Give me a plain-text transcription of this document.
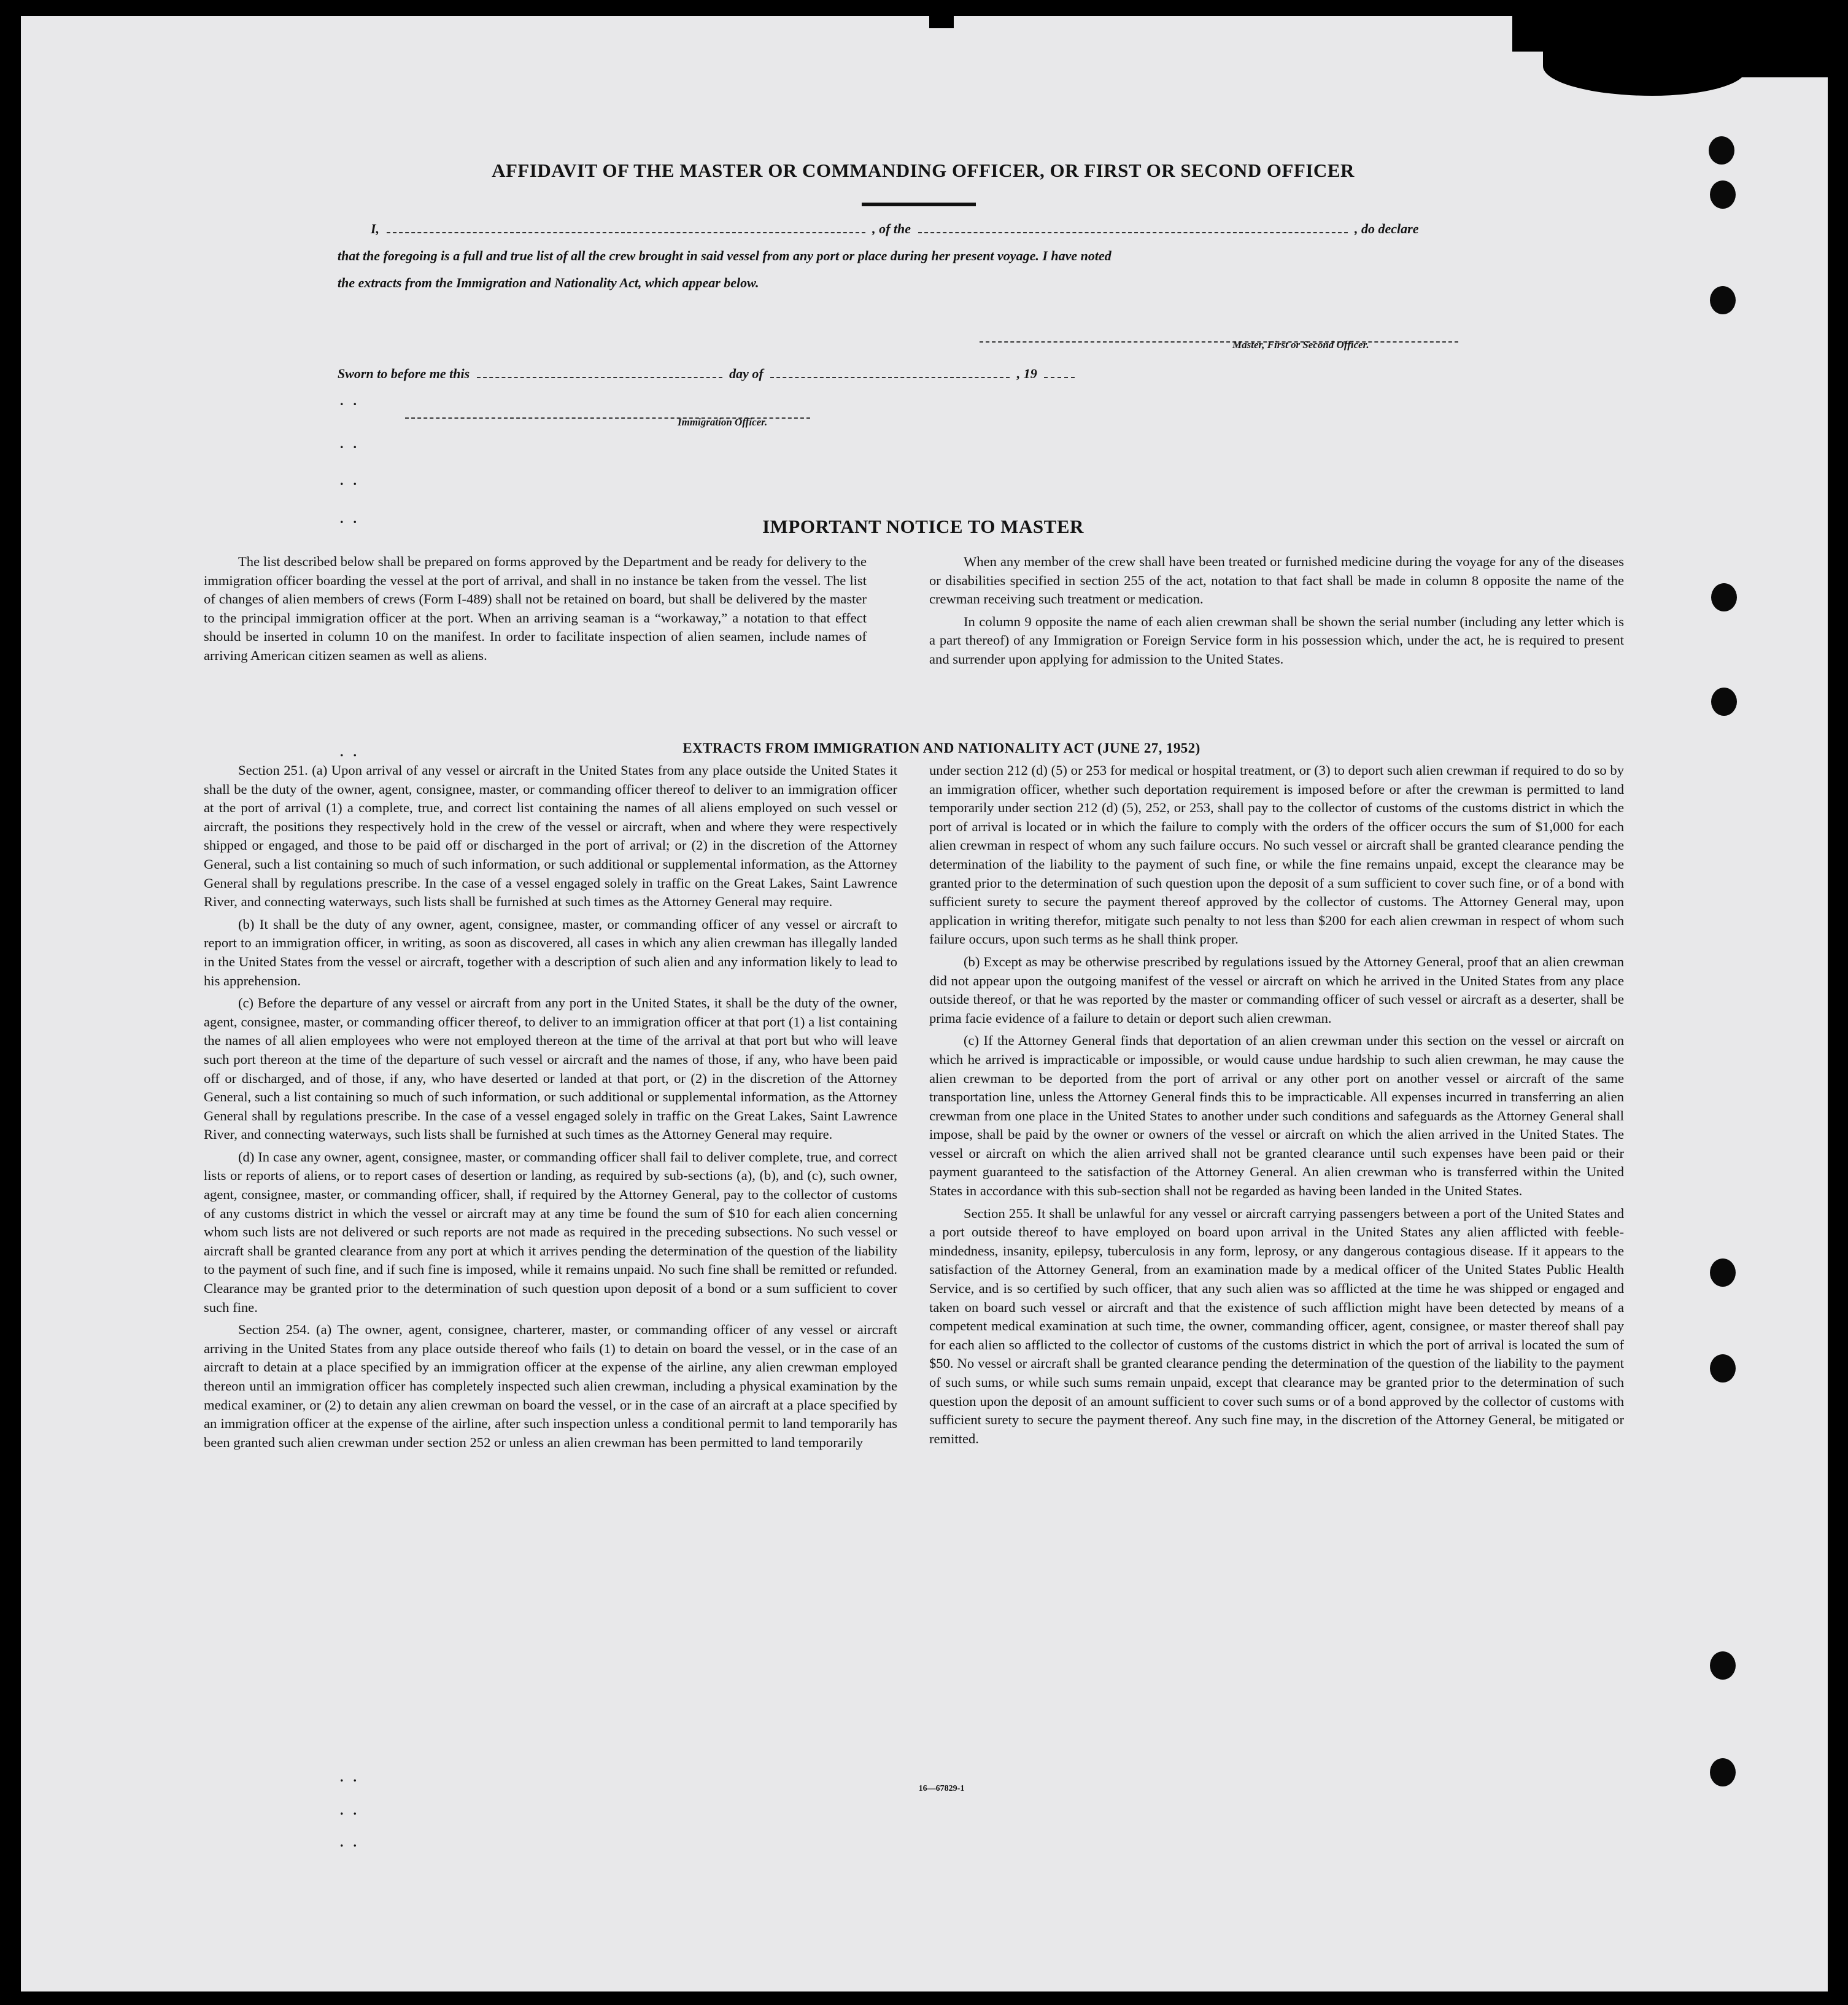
AFFIDAVIT OF THE MASTER OR COMMANDING OFFICER, OR FIRST OR SECOND OFFICER
I,	, of the	, do declare
that the foregoing is a full and true list of all the crew brought in said vessel from any port or place during her present voyage. I have noted
the extracts from the Immigration and Nationality Act, which appear below.
Master, First or Second Officer.
Sworn to before me this	day of	, 19
Immigration Officer.
..
..
..
..
..
..
..
..
IMPORTANT NOTICE TO MASTER

The list described below shall be prepared on forms approved by the Department and be ready for delivery to the immigration officer boarding the vessel at the port of arrival, and shall in no instance be taken from the vessel. The list of changes of alien members of crews (Form I-489) shall not be retained on board, but shall be delivered by the master to the principal immigration officer at the port. When an arriving seaman is a “workaway,” a notation to that effect should be inserted in column 10 on the manifest. In order to facilitate inspection of alien seamen, include names of arriving American citizen seamen as well as aliens.

When any member of the crew shall have been treated or furnished medicine during the voyage for any of the diseases or disabilities specified in section 255 of the act, notation to that fact shall be made in column 8 opposite the name of the crewman receiving such treatment or medication.

In column 9 opposite the name of each alien crewman shall be shown the serial number (including any letter which is a part thereof) of any Immigration or Foreign Service form in his possession which, under the act, he is required to present and surrender upon applying for admission to the United States.

EXTRACTS FROM IMMIGRATION AND NATIONALITY ACT (JUNE 27, 1952)

Section 251. (a) Upon arrival of any vessel or aircraft in the United States from any place outside the United States it shall be the duty of the owner, agent, consignee, master, or commanding officer thereof to deliver to an immigration officer at the port of arrival (1) a complete, true, and correct list containing the names of all aliens employed on such vessel or aircraft, the positions they respectively hold in the crew of the vessel or aircraft, when and where they were respectively shipped or engaged, and those to be paid off or discharged in the port of arrival; or (2) in the discretion of the Attorney General, such a list containing so much of such information, or such additional or supplemental information, as the Attorney General shall by regulations prescribe. In the case of a vessel engaged solely in traffic on the Great Lakes, Saint Lawrence River, and connecting waterways, such lists shall be furnished at such times as the Attorney General may require.

(b) It shall be the duty of any owner, agent, consignee, master, or commanding officer of any vessel or aircraft to report to an immigration officer, in writing, as soon as discovered, all cases in which any alien crewman has illegally landed in the United States from the vessel or aircraft, together with a description of such alien and any information likely to lead to his apprehension.

(c) Before the departure of any vessel or aircraft from any port in the United States, it shall be the duty of the owner, agent, consignee, master, or commanding officer thereof, to deliver to an immigration officer at that port (1) a list containing the names of all alien employees who were not employed thereon at the time of the arrival at that port but who will leave such port thereon at the time of the departure of such vessel or aircraft and the names of those, if any, who have been paid off or discharged, and of those, if any, who have deserted or landed at that port, or (2) in the discretion of the Attorney General, such a list containing so much of such information, or such additional or supplemental information, as the Attorney General shall by regulations prescribe. In the case of a vessel engaged solely in traffic on the Great Lakes, Saint Lawrence River, and connecting waterways, such lists shall be furnished at such times as the Attorney General may require.

(d) In case any owner, agent, consignee, master, or commanding officer shall fail to deliver complete, true, and correct lists or reports of aliens, or to report cases of desertion or landing, as required by sub-sections (a), (b), and (c), such owner, agent, consignee, master, or commanding officer, shall, if required by the Attorney General, pay to the collector of customs of any customs district in which the vessel or aircraft may at any time be found the sum of $10 for each alien concerning whom such lists are not delivered or such reports are not made as required in the preceding subsections. No such vessel or aircraft shall be granted clearance from any port at which it arrives pending the determination of the question of the liability to the payment of such fine, and if such fine is imposed, while it remains unpaid. No such fine shall be remitted or refunded. Clearance may be granted prior to the determination of such question upon deposit of a bond or a sum sufficient to cover such fine.

Section 254. (a) The owner, agent, consignee, charterer, master, or commanding officer of any vessel or aircraft arriving in the United States from any place outside thereof who fails (1) to detain on board the vessel, or in the case of an aircraft to detain at a place specified by an immigration officer at the expense of the airline, any alien crewman employed thereon until an immigration officer has completely inspected such alien crewman, including a physical examination by the medical examiner, or (2) to detain any alien crewman on board the vessel, or in the case of an aircraft at a place specified by an immigration officer at the expense of the airline, after such inspection unless a conditional permit to land temporarily has been granted such alien crewman under section 252 or unless an alien crewman has been permitted to land temporarily

under section 212 (d) (5) or 253 for medical or hospital treatment, or (3) to deport such alien crewman if required to do so by an immigration officer, whether such deportation requirement is imposed before or after the crewman is permitted to land temporarily under section 212 (d) (5), 252, or 253, shall pay to the collector of customs of the customs district in which the port of arrival is located or in which the failure to comply with the orders of the officer occurs the sum of $1,000 for each alien crewman in respect of whom any such failure occurs. No such vessel or aircraft shall be granted clearance pending the determination of the liability to the payment of such fine, or while the fine remains unpaid, except the clearance may be granted prior to the determination of such question upon the deposit of a sum sufficient to cover such fine, or of a bond with sufficient surety to secure the payment thereof approved by the collector of customs. The Attorney General may, upon application in writing therefor, mitigate such penalty to not less than $200 for each alien crewman in respect of whom such failure occurs, upon such terms as he shall think proper.

(b) Except as may be otherwise prescribed by regulations issued by the Attorney General, proof that an alien crewman did not appear upon the outgoing manifest of the vessel or aircraft on which he arrived in the United States from any place outside thereof, or that he was reported by the master or commanding officer of such vessel or aircraft as a deserter, shall be prima facie evidence of a failure to detain or deport such alien crewman.

(c) If the Attorney General finds that deportation of an alien crewman under this section on the vessel or aircraft on which he arrived is impracticable or impossible, or would cause undue hardship to such alien crewman, he may cause the alien crewman to be deported from the port of arrival or any other port on another vessel or aircraft of the same transportation line, unless the Attorney General finds this to be impracticable. All expenses incurred in transferring an alien crewman from one place in the United States to another under such conditions and safeguards as the Attorney General shall impose, shall be paid by the owner or owners of the vessel or aircraft on which the alien arrived in the United States. The vessel or aircraft on which the alien arrived shall not be granted clearance until such expenses have been paid or their payment guaranteed to the satisfaction of the Attorney General. An alien crewman who is transferred within the United States in accordance with this sub-section shall not be regarded as having been landed in the United States.

Section 255. It shall be unlawful for any vessel or aircraft carrying passengers between a port of the United States and a port outside thereof to have employed on board upon arrival in the United States any alien afflicted with feeble-mindedness, insanity, epilepsy, tuberculosis in any form, leprosy, or any dangerous contagious disease. If it appears to the satisfaction of the Attorney General, from an examination made by a medical officer of the United States Public Health Service, and is so certified by such officer, that any such alien was so afflicted at the time he was shipped or engaged and taken on board such vessel or aircraft and that the existence of such affliction might have been detected by means of a competent medical examination at such time, the owner, commanding officer, agent, consignee, or master thereof shall pay for each alien so afflicted to the collector of customs of the customs district in which the port of arrival is located the sum of $50. No vessel or aircraft shall be granted clearance pending the determination of the question of the liability to the payment of such sums, or while such sums remain unpaid, except that clearance may be granted prior to the determination of such question upon the deposit of an amount sufficient to cover such sums or of a bond approved by the collector of customs with sufficient surety to secure the payment thereof. Any such fine may, in the discretion of the Attorney General, be mitigated or remitted.

16—67829-1
